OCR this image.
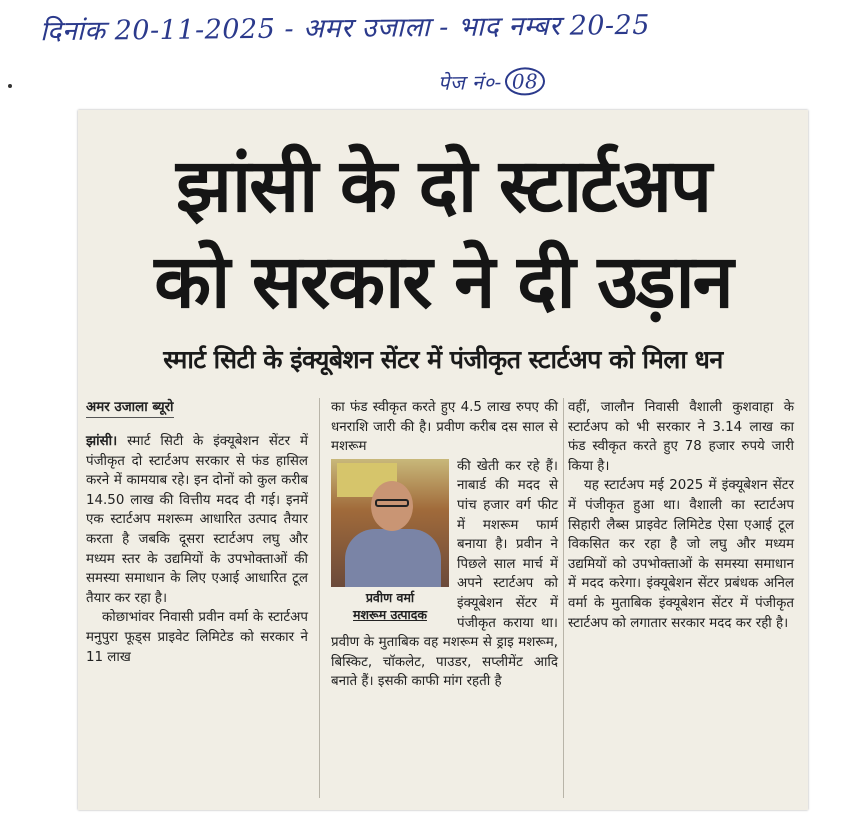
दिनांक 20-11-2025 - अमर उजाला - भाद नम्बर 20-25
पेज नं०- 08
झांसी के दो स्टार्टअप
को सरकार ने दी उड़ान
स्मार्ट सिटी के इंक्यूबेशन सेंटर में पंजीकृत स्टार्टअप को मिला धन
अमर उजाला ब्यूरो

झांसी। स्मार्ट सिटी के इंक्यूबेशन सेंटर में पंजीकृत दो स्टार्टअप सरकार से फंड हासिल करने में कामयाब रहे। इन दोनों को कुल करीब 14.50 लाख की वित्तीय मदद दी गई। इनमें एक स्टार्टअप मशरूम आधारित उत्पाद तैयार करता है जबकि दूसरा स्टार्टअप लघु और मध्यम स्तर के उद्यमियों के उपभोक्ताओं की समस्या समाधान के लिए एआई आधारित टूल तैयार कर रहा है।

कोछाभांवर निवासी प्रवीन वर्मा के स्टार्टअप मनुपुरा फूड्स प्राइवेट लिमिटेड को सरकार ने 11 लाख

का फंड स्वीकृत करते हुए 4.5 लाख रुपए की धनराशि जारी की है। प्रवीण करीब दस साल से मशरूम

प्रवीण वर्मा
मशरूम उत्पादक

की खेती कर रहे हैं। नाबार्ड की मदद से पांच हजार वर्ग फीट में मशरूम फार्म बनाया है। प्रवीन ने पिछले साल मार्च में अपने स्टार्टअप को इंक्यूबेशन सेंटर में पंजीकृत कराया था। प्रवीण के मुताबिक वह मशरूम से ड्राइ मशरूम, बिस्किट, चॉकलेट, पाउडर, सप्लीमेंट आदि बनाते हैं। इसकी काफी मांग रहती है

वहीं, जालौन निवासी वैशाली कुशवाहा के स्टार्टअप को भी सरकार ने 3.14 लाख का फंड स्वीकृत करते हुए 78 हजार रुपये जारी किया है।

यह स्टार्टअप मई 2025 में इंक्यूबेशन सेंटर में पंजीकृत हुआ था। वैशाली का स्टार्टअप सिहारी लैब्स प्राइवेट लिमिटेड ऐसा एआई टूल विकसित कर रहा है जो लघु और मध्यम उद्यमियों को उपभोक्ताओं के समस्या समाधान में मदद करेगा। इंक्यूबेशन सेंटर प्रबंधक अनिल वर्मा के मुताबिक इंक्यूबेशन सेंटर में पंजीकृत स्टार्टअप को लगातार सरकार मदद कर रही है।
